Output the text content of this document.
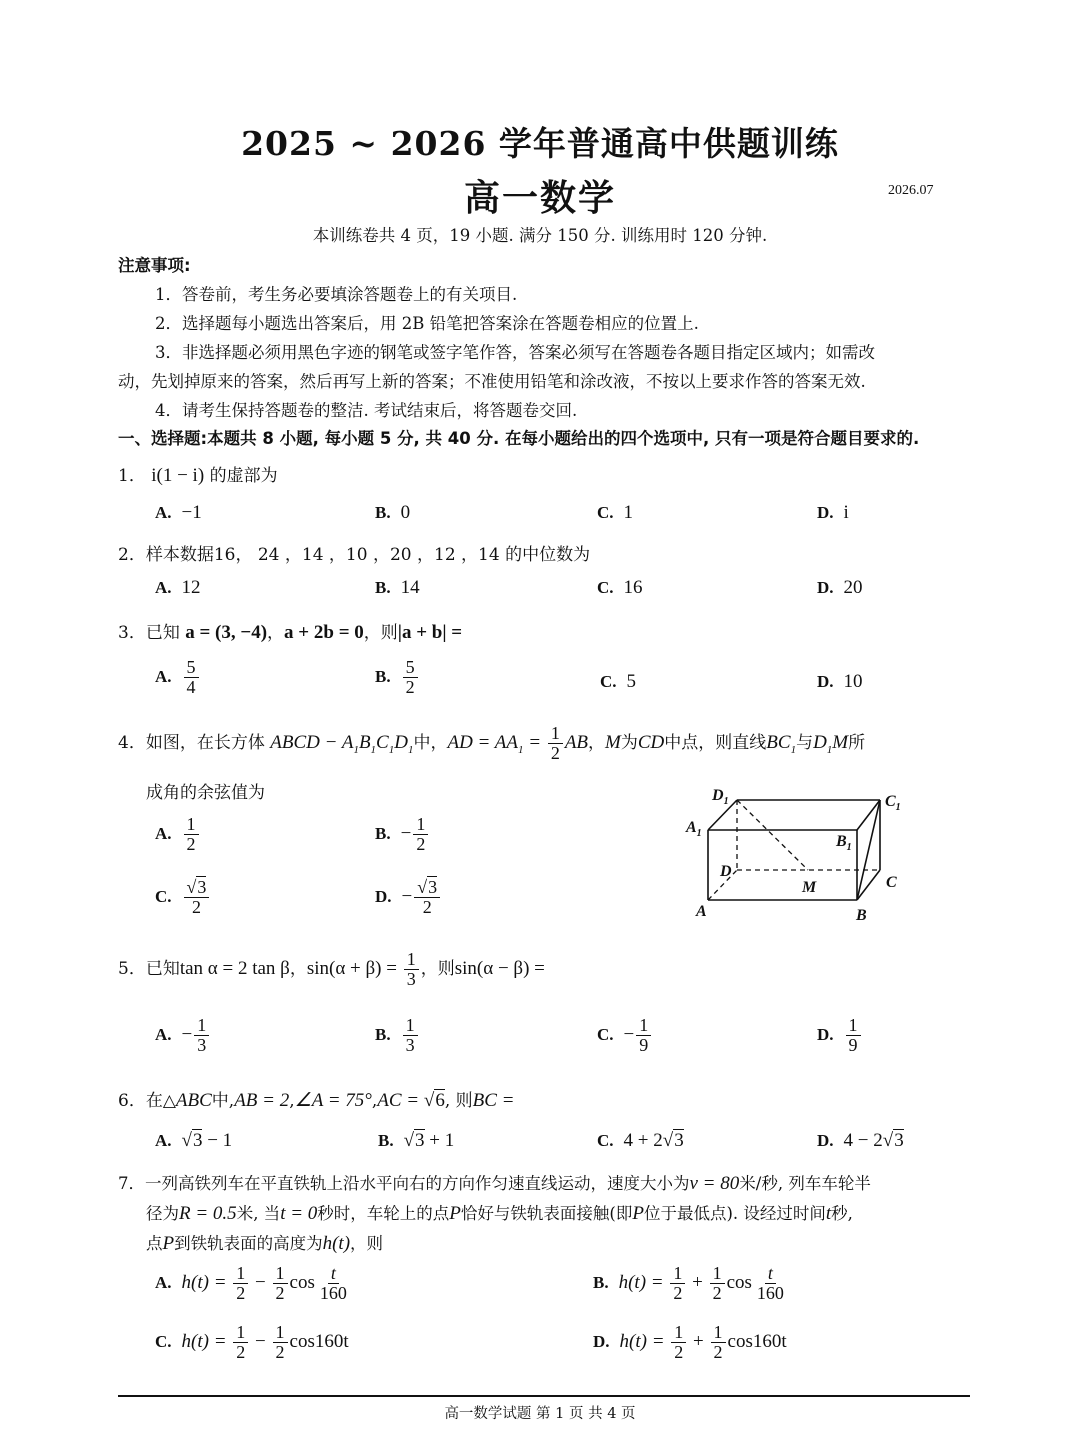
2025 ~ 2026 学年普通高中供题训练
高一数学	2026.07
本训练卷共 4 页，19 小题. 满分 150 分. 训练用时 120 分钟.
注意事项:
1．答卷前，考生务必要填涂答题卷上的有关项目.
2．选择题每小题选出答案后，用 2B 铅笔把答案涂在答题卷相应的位置上.
3．非选择题必须用黑色字迹的钢笔或签字笔作答，答案必须写在答题卷各题目指定区域内；如需改
动，先划掉原来的答案，然后再写上新的答案；不准使用铅笔和涂改液，不按以上要求作答的答案无效.
4．请考生保持答题卷的整洁. 考试结束后，将答题卷交回.
一、选择题:本题共 8 小题, 每小题 5 分, 共 40 分. 在每小题给出的四个选项中, 只有一项是符合题目要求的.
1． i(1 − i) 的虚部为
A. −1	B. 0	C. 1	D. i
2．样本数据16， 24 ，14 ，10 ，20 ，12 ，14 的中位数为
A. 12	B. 14	C. 16	D. 20
3．已知 a = (3, −4)，a + 2b = 0，则|a + b| =
A. $\frac{5}{4}$	B. $\frac{5}{2}$	C. 5	D. 10
4．如图，在长方体 ABCD − $A_1B_1C_1D_1$中，AD = $AA_1 = \frac{1}{2}$ AB，M为CD中点，则直线$BC_1$与$D_1M$所
成角的余弦值为
A. $\frac{1}{2}$	B. − $\frac{1}{2}$
C. $\frac{√3}{2}$	D. − $\frac{√3}{2}$
$D_1$	$C_1$
$A_1$	$B_1$
D
M	C
A	B
5．已知tan α = 2 tan β，$\sin(\alpha + \beta) = \frac{1}{3}$ ，则sin(α − β) =
A. − $\frac{1}{3}$	B. $\frac{1}{3}$	C. − $\frac{1}{9}$	D. $\frac{1}{9}$
6．在△ABC中,AB = 2,∠A = 75°,AC = √6, 则BC =
A. √3 − 1	B. √3 + 1	C. 4 + 2√3	D. 4 − 2√3
7．一列高铁列车在平直铁轨上沿水平向右的方向作匀速直线运动，速度大小为v = 80米/秒, 列车车轮半
径为R = 0.5米, 当t = 0秒时，车轮上的点P恰好与铁轨表面接触(即P位于最低点). 设经过时间t秒,
点P到铁轨表面的高度为h(t)，则
A. $h(t) = \frac{1}{2} - \frac{1}{2}$ $\cos \frac{t}{160}$	B. $h(t) = \frac{1}{2} + \frac{1}{2}$ $\cos \frac{t}{160}$
C. $h(t) = \frac{1}{2} - \frac{1}{2} \cos 160t$	D. $h(t) = \frac{1}{2} + \frac{1}{2} \cos 160t$
高一数学试题 第 1 页 共 4 页
